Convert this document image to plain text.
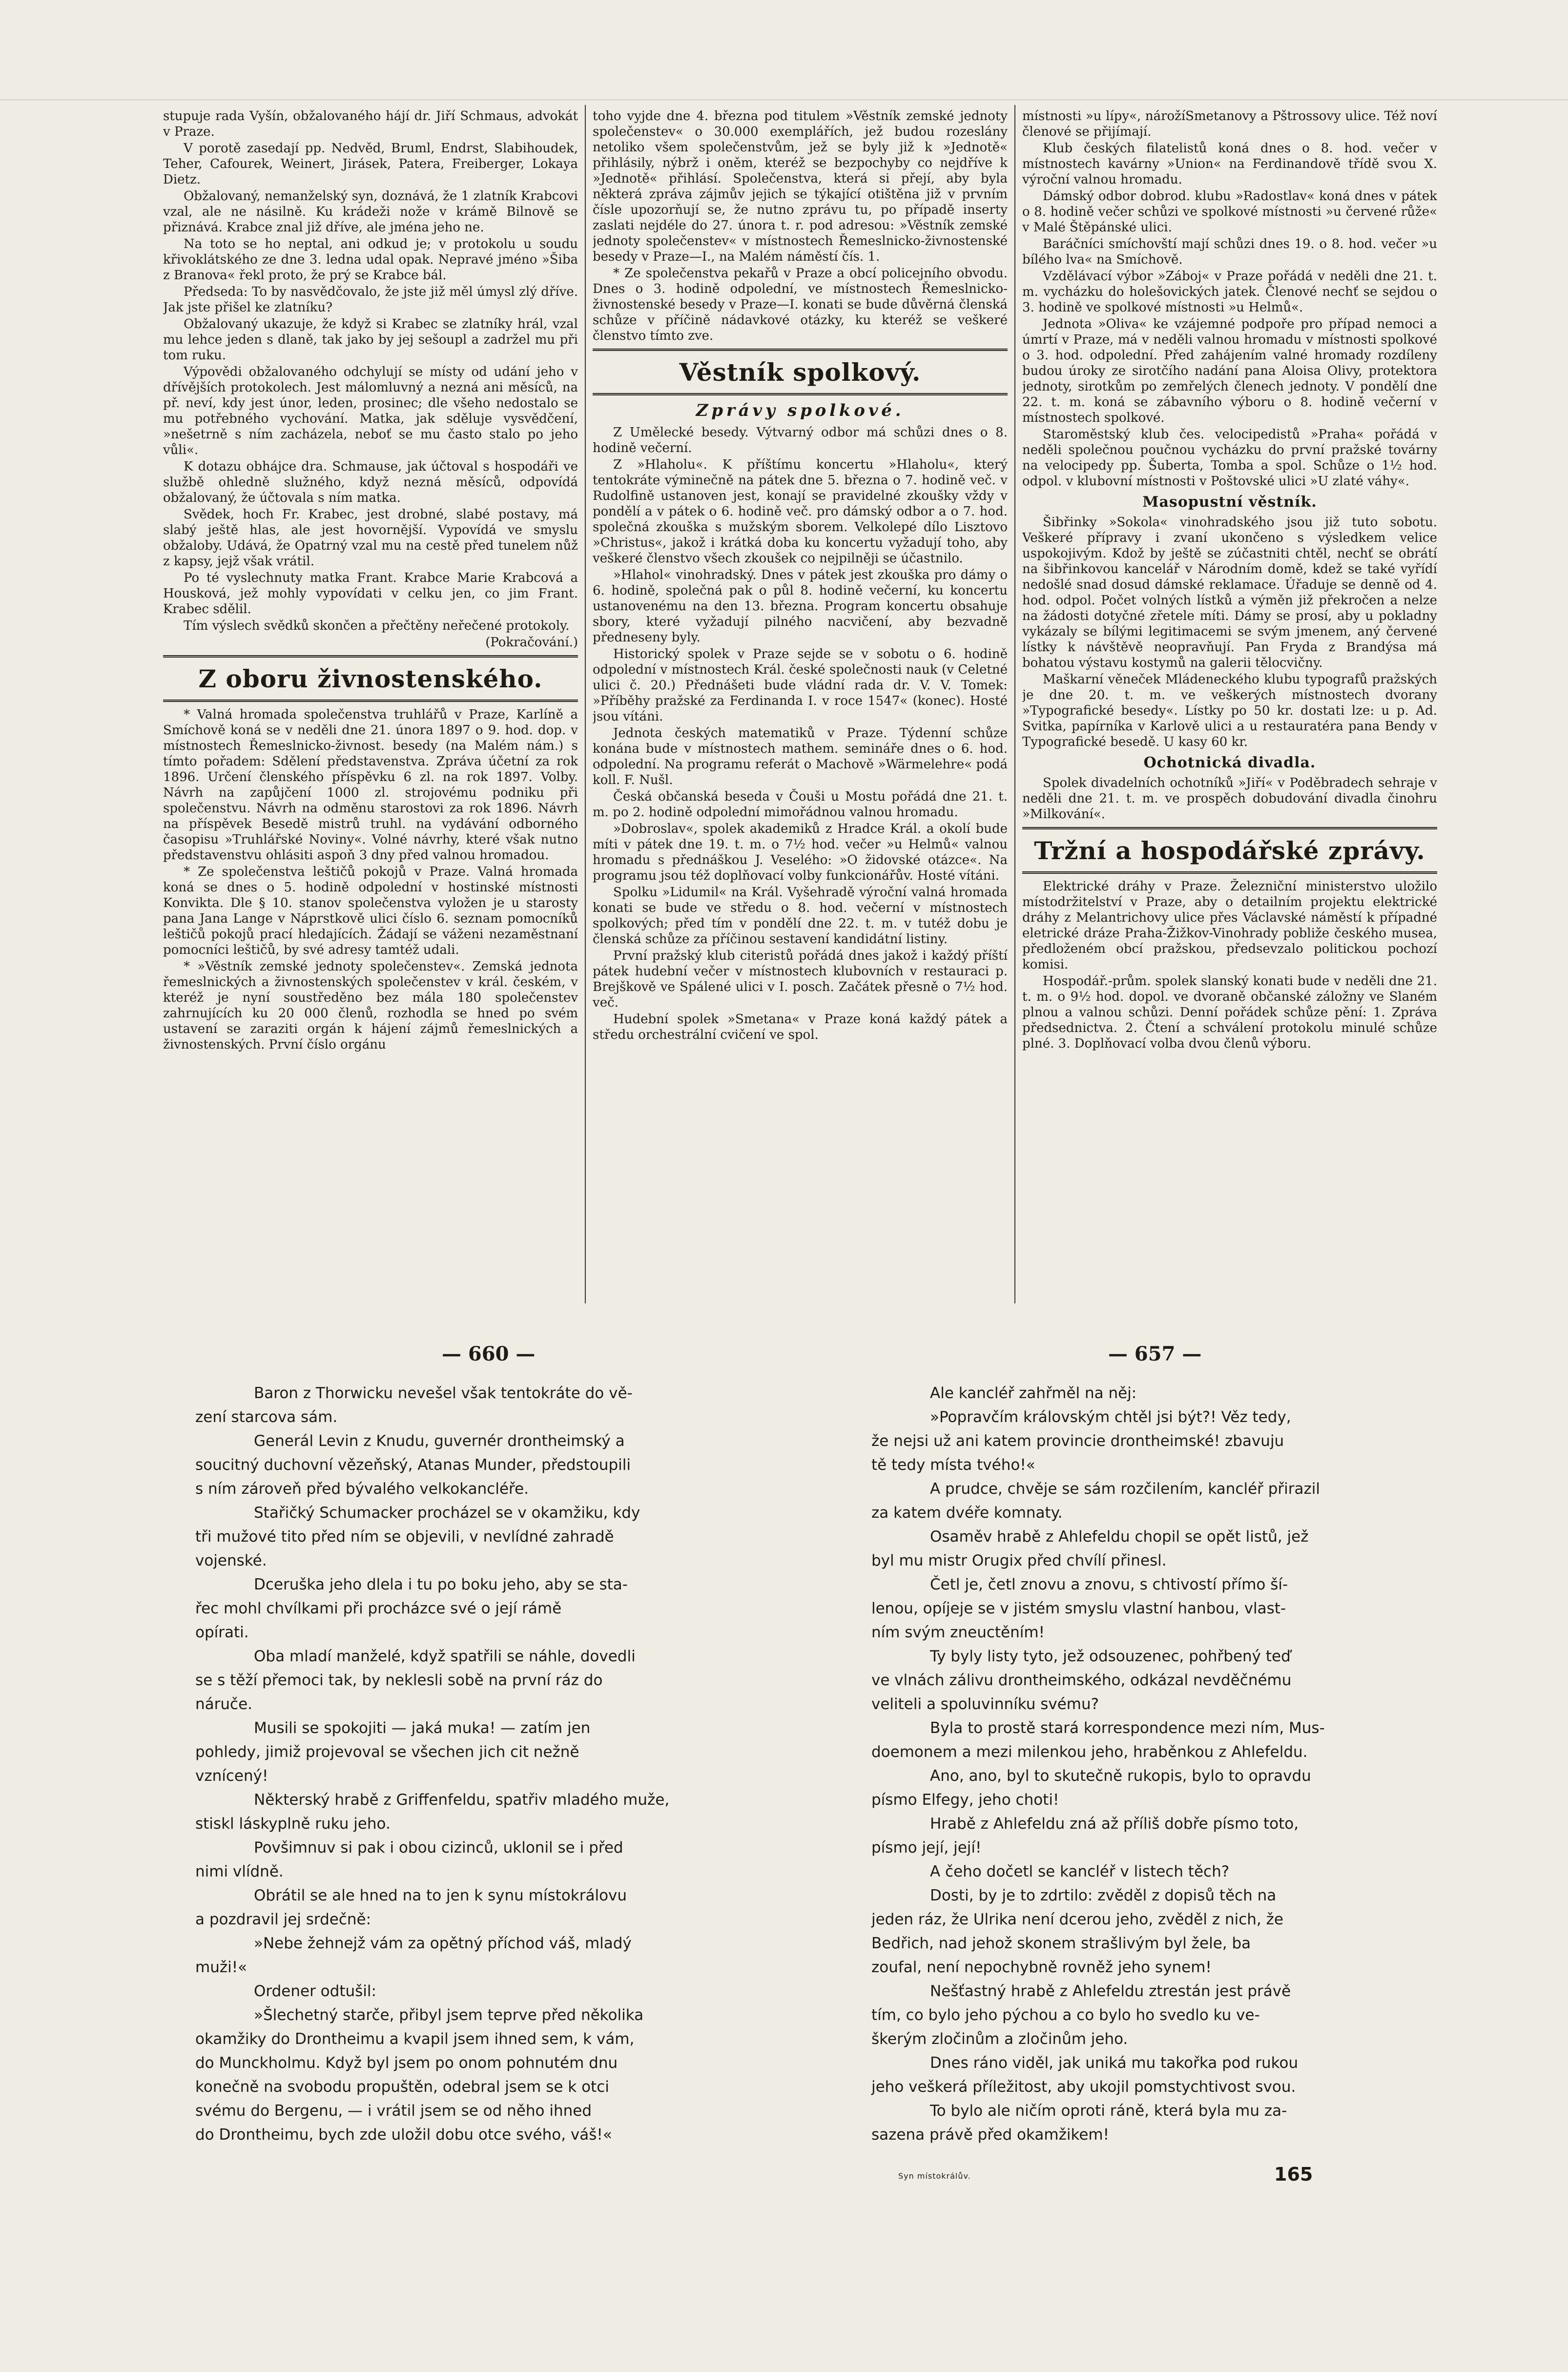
stupuje rada Vyšín, obžalovaného hájí dr. Jiří Schmaus, advokát v Praze.

V porotě zasedají pp. Nedvěd, Bruml, Endrst, Slabihoudek, Teher, Cafourek, Weinert, Jirásek, Patera, Freiberger, Lokaya Dietz.

Obžalovaný, nemanželský syn, doznává, že 1 zlatník Krabcovi vzal, ale ne násilně. Ku krádeži nože v krámě Bilnově se přiznává. Krabce znal již dříve, ale jména jeho ne.

Na toto se ho neptal, ani odkud je; v protokolu u soudu křivoklátského ze dne 3. ledna udal opak. Nepravé jméno »Šiba z Branova« řekl proto, že prý se Krabce bál.

Předseda: To by nasvědčovalo, že jste již měl úmysl zlý dříve. Jak jste přišel ke zlatníku?

Obžalovaný ukazuje, že když si Krabec se zlatníky hrál, vzal mu lehce jeden s dlaně, tak jako by jej sešoupl a zadržel mu při tom ruku.

Výpovědi obžalovaného odchylují se místy od udání jeho v dřívějších protokolech. Jest málomluvný a nezná ani měsíců, na př. neví, kdy jest únor, leden, prosinec; dle všeho nedostalo se mu potřebného vychování. Matka, jak sděluje vysvědčení, »nešetrně s ním zacházela, neboť se mu často stalo po jeho vůli«.

K dotazu obhájce dra. Schmause, jak účtoval s hospodáři ve službě ohledně služného, když nezná měsíců, odpovídá obžalovaný, že účtovala s ním matka.

Svědek, hoch Fr. Krabec, jest drobné, slabé postavy, má slabý ještě hlas, ale jest hovornější. Vypovídá ve smyslu obžaloby. Udává, že Opatrný vzal mu na cestě před tunelem nůž z kapsy, jejž však vrátil.

Po té vyslechnuty matka Frant. Krabce Marie Krabcová a Housková, jež mohly vypovídati v celku jen, co jim Frant. Krabec sdělil.

Tím výslech svědků skončen a přečtěny neřečené protokoly.

(Pokračování.)
Z oboru živnostenského.

* Valná hromada společenstva truhlářů v Praze, Karlíně a Smíchově koná se v neděli dne 21. února 1897 o 9. hod. dop. v místnostech Řemeslnicko-živnost. besedy (na Malém nám.) s tímto pořadem: Sdělení představenstva. Zpráva účetní za rok 1896. Určení členského příspěvku 6 zl. na rok 1897. Volby. Návrh na zapůjčení 1000 zl. strojovému podniku při společenstvu. Návrh na odměnu starostovi za rok 1896. Návrh na příspěvek Besedě mistrů truhl. na vydávání odborného časopisu »Truhlářské Noviny«. Volné návrhy, které však nutno představenstvu ohlásiti aspoň 3 dny před valnou hromadou.

* Ze společenstva leštičů pokojů v Praze. Valná hromada koná se dnes o 5. hodině odpolední v hostinské místnosti Konvikta. Dle § 10. stanov společenstva vyložen je u starosty pana Jana Lange v Náprstkově ulici číslo 6. seznam pomocníků leštičů pokojů prací hledajících. Žádají se váženi nezaměstnaní pomocníci leštičů, by své adresy tamtéž udali.

* »Věstník zemské jednoty společenstev«. Zemská jednota řemeslnických a živnostenských společenstev v král. českém, v kteréž je nyní soustředěno bez mála 180 společenstev zahrnujících ku 20 000 členů, rozhodla se hned po svém ustavení se zaraziti orgán k hájení zájmů řemeslnických a živnostenských. První číslo orgánu

toho vyjde dne 4. března pod titulem »Věstník zemské jednoty společenstev« o 30.000 exemplářích, jež budou rozeslány netoliko všem společenstvům, jež se byly již k »Jednotě« přihlásily, nýbrž i oněm, kteréž se bezpochyby co nejdříve k »Jednotě« přihlásí. Společenstva, která si přejí, aby byla některá zpráva zájmův jejich se týkající otištěna již v prvním čísle upozorňují se, že nutno zprávu tu, po případě inserty zaslati nejdéle do 27. února t. r. pod adresou: »Věstník zemské jednoty společenstev« v místnostech Řemeslnicko-živnostenské besedy v Praze—I., na Malém náměstí čís. 1.

* Ze společenstva pekařů v Praze a obcí policejního obvodu. Dnes o 3. hodině odpolední, ve místnostech Řemeslnicko-živnostenské besedy v Praze—I. konati se bude důvěrná členská schůze v příčině nádavkové otázky, ku kteréž se veškeré členstvo tímto zve.

Věstník spolkový.
Zprávy spolkové.

Z Umělecké besedy. Výtvarný odbor má schůzi dnes o 8. hodině večerní.

Z »Hlaholu«. K příštímu koncertu »Hlaholu«, který tentokráte výminečně na pátek dne 5. března o 7. hodině več. v Rudolfině ustanoven jest, konají se pravidelné zkoušky vždy v pondělí a v pátek o 6. hodině več. pro dámský odbor a o 7. hod. společná zkouška s mužským sborem. Velkolepé dílo Lisztovo »Christus«, jakož i krátká doba ku koncertu vyžadují toho, aby veškeré členstvo všech zkoušek co nejpilněji se účastnilo.

»Hlahol« vinohradský. Dnes v pátek jest zkouška pro dámy o 6. hodině, společná pak o půl 8. hodině večerní, ku koncertu ustanovenému na den 13. března. Program koncertu obsahuje sbory, které vyžadují pilného nacvičení, aby bezvadně předneseny byly.

Historický spolek v Praze sejde se v sobotu o 6. hodině odpolední v místnostech Král. české společnosti nauk (v Celetné ulici č. 20.) Přednášeti bude vládní rada dr. V. V. Tomek: »Příběhy pražské za Ferdinanda I. v roce 1547« (konec). Hosté jsou vítáni.

Jednota českých matematiků v Praze. Týdenní schůze konána bude v místnostech mathem. semináře dnes o 6. hod. odpolední. Na programu referát o Machově »Wärmelehre« podá koll. F. Nušl.

Česká občanská beseda v Čouši u Mostu pořádá dne 21. t. m. po 2. hodině odpolední mimořádnou valnou hromadu.

»Dobroslav«, spolek akademiků z Hradce Král. a okolí bude míti v pátek dne 19. t. m. o 7½ hod. večer »u Helmů« valnou hromadu s přednáškou J. Veselého: »O židovské otázce«. Na programu jsou též doplňovací volby funkcionářův. Hosté vítáni.

Spolku »Lidumil« na Král. Vyšehradě výroční valná hromada konati se bude ve středu o 8. hod. večerní v místnostech spolkových; před tím v pondělí dne 22. t. m. v tutéž dobu je členská schůze za příčinou sestavení kandidátní listiny.

První pražský klub citeristů pořádá dnes jakož i každý příští pátek hudební večer v místnostech klubovních v restauraci p. Brejškově ve Spálené ulici v I. posch. Začátek přesně o 7½ hod. več.

Hudební spolek »Smetana« v Praze koná každý pátek a středu orchestrální cvičení ve spol.

místnosti »u lípy«, nárožíSmetanovy a Pštrossovy ulice. Též noví členové se přijímají.

Klub českých filatelistů koná dnes o 8. hod. večer v místnostech kavárny »Union« na Ferdinandově třídě svou X. výroční valnou hromadu.

Dámský odbor dobrod. klubu »Radostlav« koná dnes v pátek o 8. hodině večer schůzi ve spolkové místnosti »u červené růže« v Malé Štěpánské ulici.

Baráčníci smíchovští mají schůzi dnes 19. o 8. hod. večer »u bílého lva« na Smíchově.

Vzdělávací výbor »Záboj« v Praze pořádá v neděli dne 21. t. m. vycházku do holešovických jatek. Členové nechť se sejdou o 3. hodině ve spolkové místnosti »u Helmů«.

Jednota »Oliva« ke vzájemné podpoře pro případ nemoci a úmrtí v Praze, má v neděli valnou hromadu v místnosti spolkové o 3. hod. odpolední. Před zahájením valné hromady rozdíleny budou úroky ze sirotčího nadání pana Aloisa Olivy, protektora jednoty, sirotkům po zemřelých členech jednoty. V pondělí dne 22. t. m. koná se zábavního výboru o 8. hodině večerní v místnostech spolkové.

Staroměstský klub čes. velocipedistů »Praha« pořádá v neděli společnou poučnou vycházku do první pražské továrny na velocipedy pp. Šuberta, Tomba a spol. Schůze o 1½ hod. odpol. v klubovní místnosti v Poštovské ulici »U zlaté váhy«.

Masopustní věstník.

Šibřinky »Sokola« vinohradského jsou již tuto sobotu. Veškeré přípravy i zvaní ukončeno s výsledkem velice uspokojivým. Kdož by ještě se zúčastniti chtěl, nechť se obrátí na šibřinkovou kancelář v Národním domě, kdež se také vyřídí nedošlé snad dosud dámské reklamace. Úřaduje se denně od 4. hod. odpol. Počet volných lístků a výměn již překročen a nelze na žádosti dotyčné zřetele míti. Dámy se prosí, aby u pokladny vykázaly se bílými legitimacemi se svým jmenem, aný červené lístky k návštěvě neopravňují. Pan Fryda z Brandýsa má bohatou výstavu kostymů na galerii tělocvičny.

Maškarní věneček Mládeneckého klubu typografů pražských je dne 20. t. m. ve veškerých místnostech dvorany »Typografické besedy«. Lístky po 50 kr. dostati lze: u p. Ad. Svitka, papírníka v Karlově ulici a u restauratéra pana Bendy v Typografické besedě. U kasy 60 kr.

Ochotnická divadla.

Spolek divadelních ochotníků »Jiří« v Poděbradech sehraje v neděli dne 21. t. m. ve prospěch dobudování divadla činohru »Milkování«.

Tržní a hospodářské zprávy.

Elektrické dráhy v Praze. Železniční ministerstvo uložilo místodržitelství v Praze, aby o detailním projektu elektrické dráhy z Melantrichovy ulice přes Václavské náměstí k případné eletrické dráze Praha-Žižkov-Vinohrady pobliže českého musea, předloženém obcí pražskou, předsevzalo politickou pochozí komisi.

Hospodář.-prům. spolek slanský konati bude v neděli dne 21. t. m. o 9½ hod. dopol. ve dvoraně občanské záložny ve Slaném plnou a valnou schůzi. Denní pořádek schůze pění: 1. Zpráva předsednictva. 2. Čtení a schválení protokolu minulé schůze plné. 3. Doplňovací volba dvou členů výboru.

— 660 —	— 657 —
Baron z Thorwicku nevešel však tentokráte do vě-
zení starcova sám.
Generál Levin z Knudu, guvernér drontheimský a
soucitný duchovní vězeňský, Atanas Munder, předstoupili
s ním zároveň před bývalého velkokancléře.
Stařičký Schumacker procházel se v okamžiku, kdy
tři mužové tito před ním se objevili, v nevlídné zahradě
vojenské.
Dceruška jeho dlela i tu po boku jeho, aby se sta-
řec mohl chvílkami při procházce své o její rámě
opírati.
Oba mladí manželé, když spatřili se náhle, dovedli
se s těží přemoci tak, by neklesli sobě na první ráz do
náruče.
Musili se spokojiti — jaká muka! — zatím jen
pohledy, jimiž projevoval se všechen jich cit nežně
vznícený!
Některský hrabě z Griffenfeldu, spatřiv mladého muže,
stiskl láskyplně ruku jeho.
Povšimnuv si pak i obou cizinců, uklonil se i před
nimi vlídně.
Obrátil se ale hned na to jen k synu místokrálovu
a pozdravil jej srdečně:
»Nebe žehnejž vám za opětný příchod váš, mladý
muži!«
Ordener odtušil:
»Šlechetný starče, přibyl jsem teprve před několika
okamžiky do Drontheimu a kvapil jsem ihned sem, k vám,
do Munckholmu. Když byl jsem po onom pohnutém dnu
konečně na svobodu propuštěn, odebral jsem se k otci
svému do Bergenu, — i vrátil jsem se od něho ihned
do Drontheimu, bych zde uložil dobu otce svého, váš!«
Ale kancléř zahřměl na něj:
»Popravčím královským chtěl jsi být?! Věz tedy,
že nejsi už ani katem provincie drontheimské! zbavuju
tě tedy místa tvého!«
A prudce, chvěje se sám rozčilením, kancléř přirazil
za katem dvéře komnaty.
Osaměv hrabě z Ahlefeldu chopil se opět listů, jež
byl mu mistr Orugix před chvílí přinesl.
Četl je, četl znovu a znovu, s chtivostí přímo ší-
lenou, opíjeje se v jistém smyslu vlastní hanbou, vlast-
ním svým zneuctěním!
Ty byly listy tyto, jež odsouzenec, pohřbený teď
ve vlnách zálivu drontheimského, odkázal nevděčnému
veliteli a spoluvinníku svému?
Byla to prostě stará korrespondence mezi ním, Mus-
doemonem a mezi milenkou jeho, hraběnkou z Ahlefeldu.
Ano, ano, byl to skutečně rukopis, bylo to opravdu
písmo Elfegy, jeho choti!
Hrabě z Ahlefeldu zná až příliš dobře písmo toto,
písmo její, její!
A čeho dočetl se kancléř v listech těch?
Dosti, by je to zdrtilo: zvěděl z dopisů těch na
jeden ráz, že Ulrika není dcerou jeho, zvěděl z nich, že
Bedřich, nad jehož skonem strašlivým byl žele, ba
zoufal, není nepochybně rovněž jeho synem!
Nešťastný hrabě z Ahlefeldu ztrestán jest právě
tím, co bylo jeho pýchou a co bylo ho svedlo ku ve-
škerým zločinům a zločinům jeho.
Dnes ráno viděl, jak uniká mu takořka pod rukou
jeho veškerá příležitost, aby ukojil pomstychtivost svou.
To bylo ale ničím oproti ráně, která byla mu za-
sazena právě před okamžikem!
Syn místokrálův.	165
